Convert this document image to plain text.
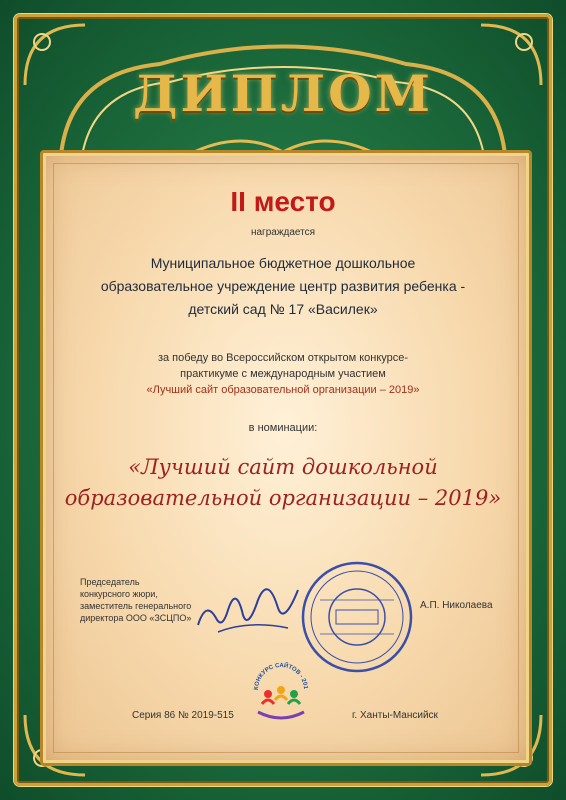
ДИПЛОМ
II место
награждается
Муниципальное бюджетное дошкольное
образовательное учреждение центр развития ребенка -
детский сад № 17 «Василек»
за победу во Всероссийском открытом конкурсе-
практикуме с международным участием
«Лучший сайт образовательной организации – 2019»
в номинации:
«Лучший сайт дошкольной
образовательной организации – 2019»
Председатель
конкурсного жюри,
заместитель генерального
директора ООО «ЗСЦПО»
А.П. Николаева
КОНКУРС САЙТОВ - 201
Серия 86 № 2019-515	г. Ханты-Мансийск
